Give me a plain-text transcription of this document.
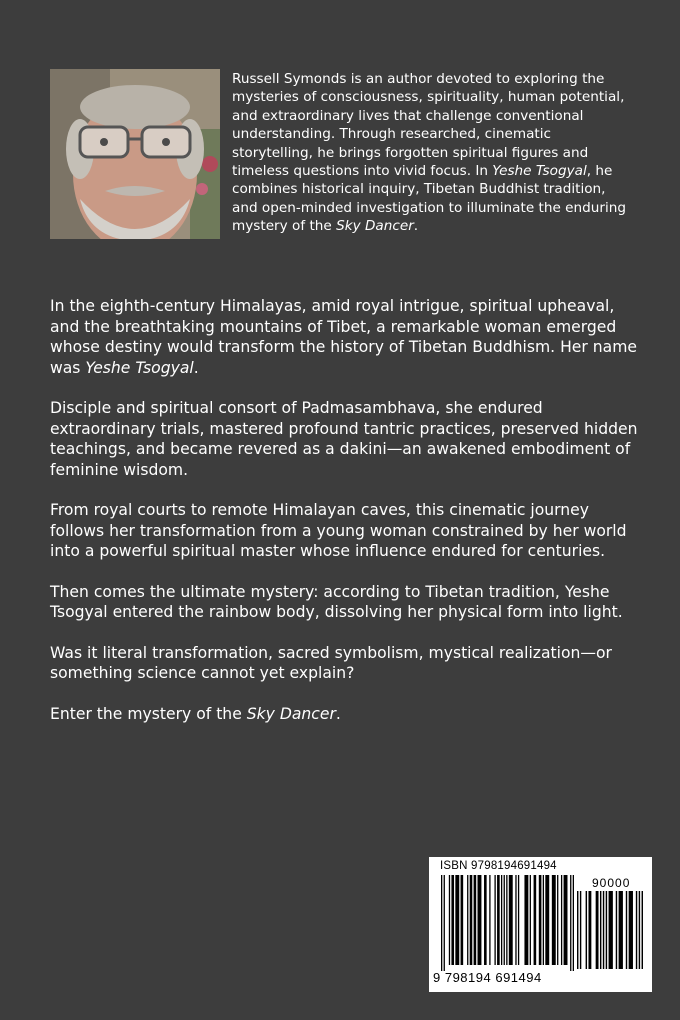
Russell Symonds is an author devoted to exploring the mysteries of consciousness, spirituality, human potential, and extraordinary lives that challenge conventional understanding. Through researched, cinematic storytelling, he brings forgotten spiritual figures and timeless questions into vivid focus. In Yeshe Tsogyal, he combines historical inquiry, Tibetan Buddhist tradition, and open-minded investigation to illuminate the enduring mystery of the Sky Dancer.

In the eighth-century Himalayas, amid royal intrigue, spiritual upheaval, and the breathtaking mountains of Tibet, a remarkable woman emerged whose destiny would transform the history of Tibetan Buddhism. Her name was Yeshe Tsogyal.

Disciple and spiritual consort of Padmasambhava, she endured extraordinary trials, mastered profound tantric practices, preserved hidden teachings, and became revered as a dakini—an awakened embodiment of feminine wisdom.

From royal courts to remote Himalayan caves, this cinematic journey follows her transformation from a young woman constrained by her world into a powerful spiritual master whose influence endured for centuries.

Then comes the ultimate mystery: according to Tibetan tradition, Yeshe Tsogyal entered the rainbow body, dissolving her physical form into light.

Was it literal transformation, sacred symbolism, mystical realization—or something science cannot yet explain?

Enter the mystery of the Sky Dancer.

ISBN 9798194691494
90000
9 798194 691494
